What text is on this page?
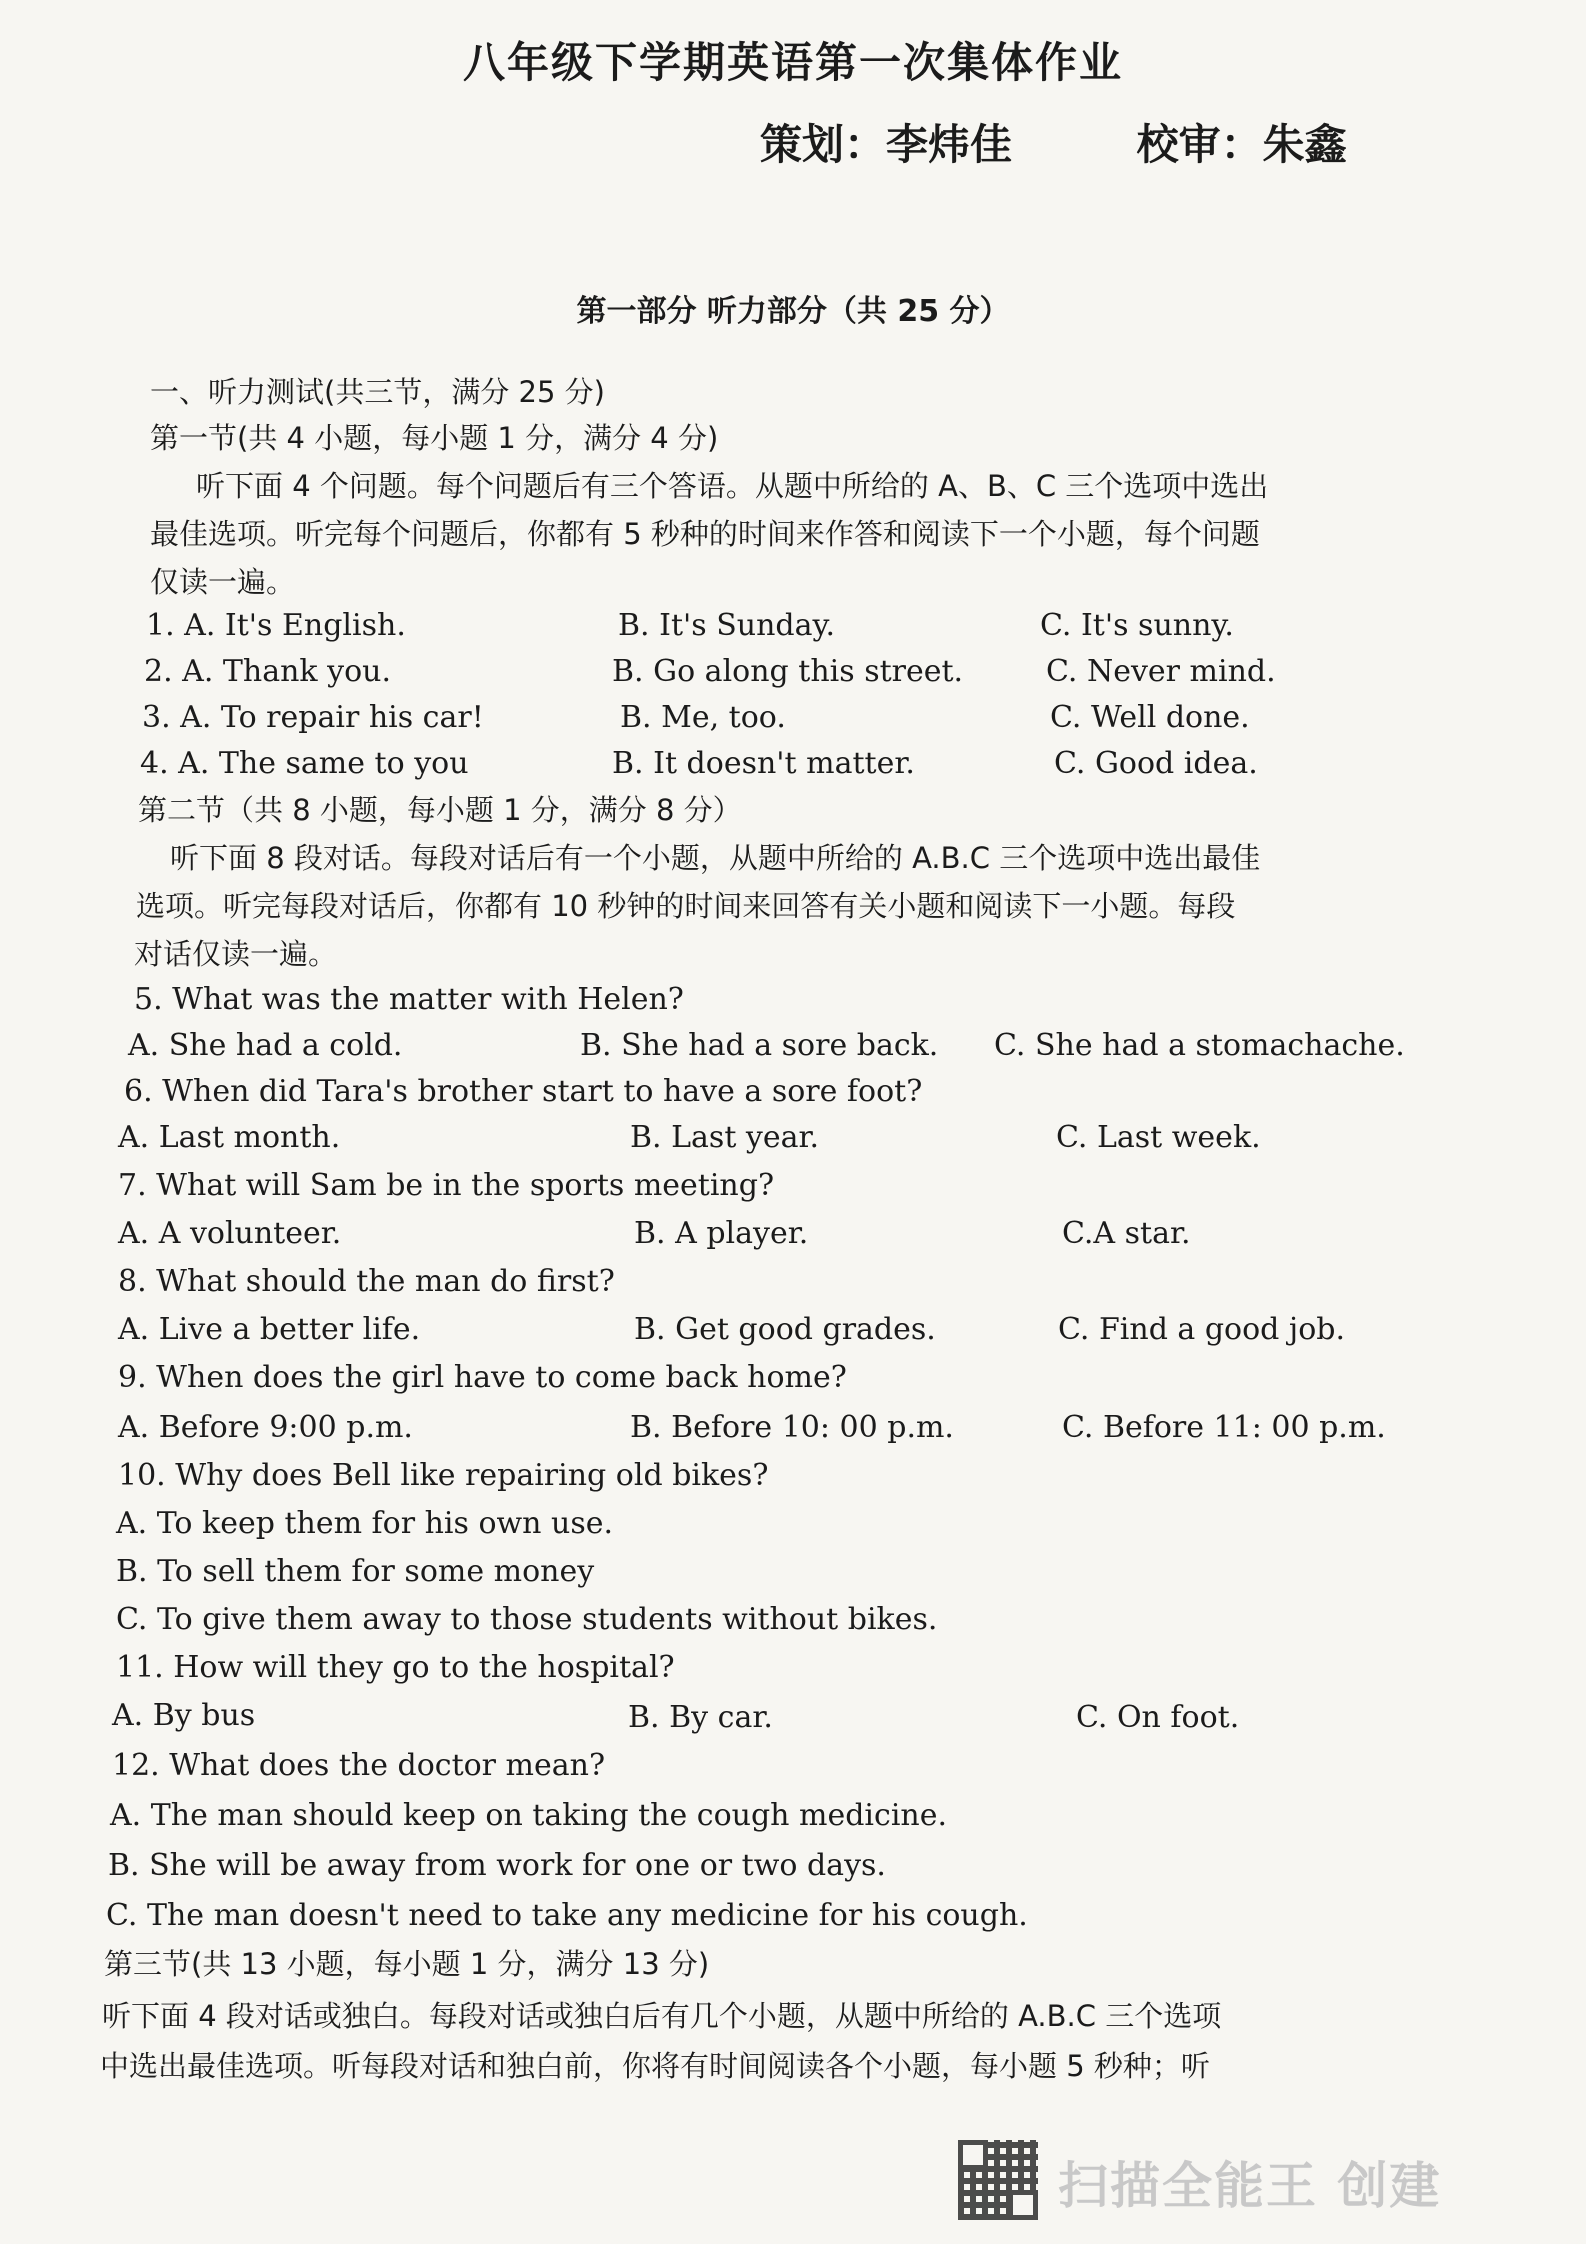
八年级下学期英语第一次集体作业
策划：李炜佳	校审：朱鑫
第一部分 听力部分（共 25 分）
一、听力测试(共三节，满分 25 分)
第一节(共 4 小题，每小题 1 分，满分 4 分)
听下面 4 个问题。每个问题后有三个答语。从题中所给的 A、B、C 三个选项中选出
最佳选项。听完每个问题后，你都有 5 秒种的时间来作答和阅读下一个小题，每个问题
仅读一遍。
1. A. It's English.	B. It's Sunday.	C. It's sunny.
2. A. Thank you.	B. Go along this street.	C. Never mind.
3. A. To repair his car!	B. Me, too.	C. Well done.
4. A. The same to you	B. It doesn't matter.	C. Good idea.
第二节（共 8 小题，每小题 1 分，满分 8 分）
听下面 8 段对话。每段对话后有一个小题，从题中所给的 A.B.C 三个选项中选出最佳
选项。听完每段对话后，你都有 10 秒钟的时间来回答有关小题和阅读下一小题。每段
对话仅读一遍。
5. What was the matter with Helen?
A. She had a cold.	B. She had a sore back. C. She had a stomachache.
6. When did Tara's brother start to have a sore foot?
A. Last month.	B. Last year.	C. Last week.
7. What will Sam be in the sports meeting?
A. A volunteer.	B. A player.	C.A star.
8. What should the man do first?
A. Live a better life.	B. Get good grades.	C. Find a good job.
9. When does the girl have to come back home?
A. Before 9:00 p.m.	B. Before 10: 00 p.m.	C. Before 11: 00 p.m.
10. Why does Bell like repairing old bikes?
A. To keep them for his own use.
B. To sell them for some money
C. To give them away to those students without bikes.
11. How will they go to the hospital?
A. By bus	B. By car.	C. On foot.
12. What does the doctor mean?
A. The man should keep on taking the cough medicine.
B. She will be away from work for one or two days.
C. The man doesn't need to take any medicine for his cough.
第三节(共 13 小题，每小题 1 分，满分 13 分)
听下面 4 段对话或独白。每段对话或独白后有几个小题，从题中所给的 A.B.C 三个选项
中选出最佳选项。听每段对话和独白前，你将有时间阅读各个小题，每小题 5 秒种；听
扫描全能王 创建
